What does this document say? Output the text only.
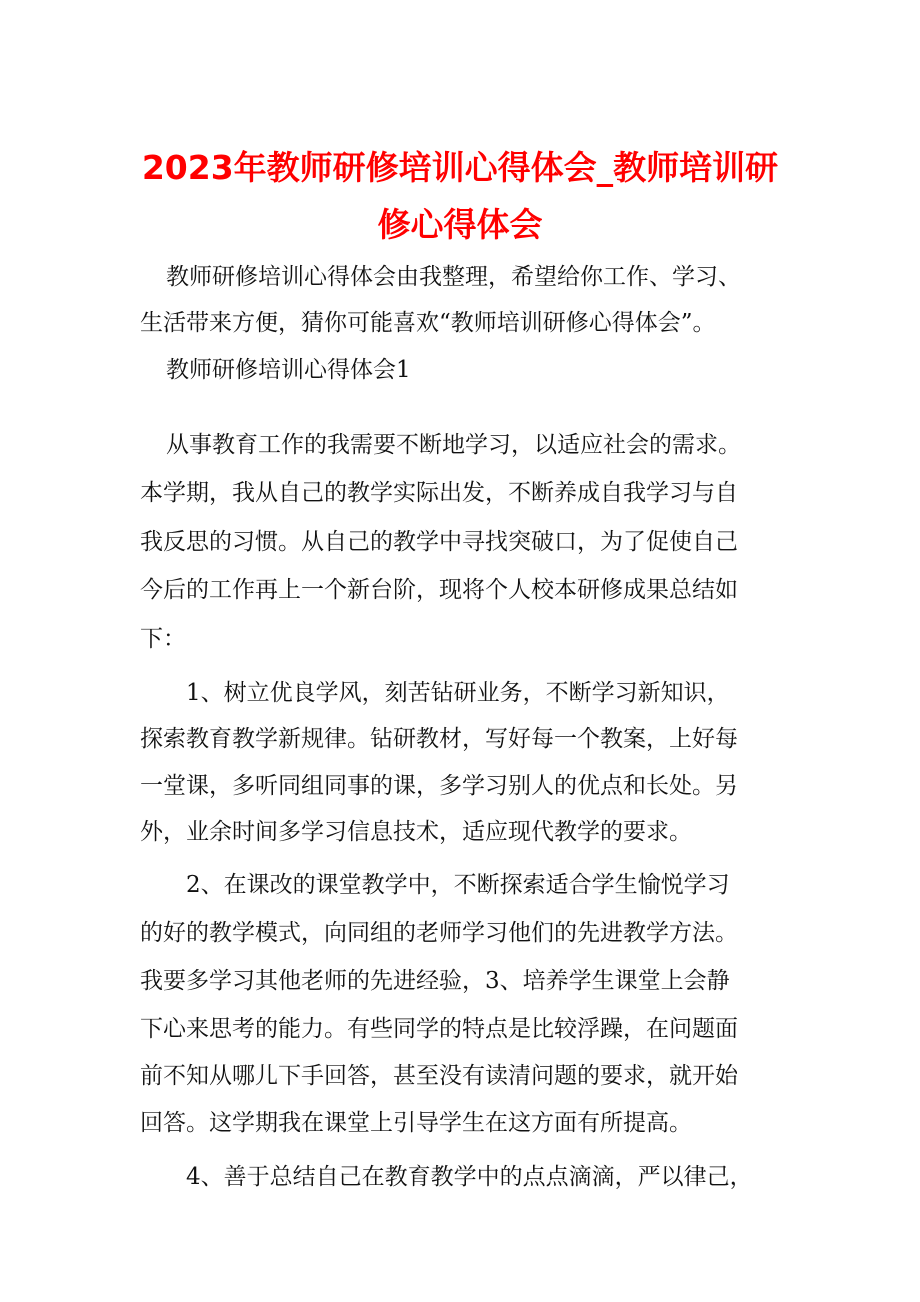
2023年教师研修培训心得体会_教师培训研
修心得体会
教师研修培训心得体会由我整理，希望给你工作、学习、
生活带来方便，猜你可能喜欢“教师培训研修心得体会”。
教师研修培训心得体会1
从事教育工作的我需要不断地学习，以适应社会的需求。
本学期，我从自己的教学实际出发，不断养成自我学习与自
我反思的习惯。从自己的教学中寻找突破口，为了促使自己
今后的工作再上一个新台阶，现将个人校本研修成果总结如
下：
1、树立优良学风，刻苦钻研业务，不断学习新知识，
探索教育教学新规律。钻研教材，写好每一个教案，上好每
一堂课，多听同组同事的课，多学习别人的优点和长处。另
外，业余时间多学习信息技术，适应现代教学的要求。
2、在课改的课堂教学中，不断探索适合学生愉悦学习
的好的教学模式，向同组的老师学习他们的先进教学方法。
我要多学习其他老师的先进经验，3、培养学生课堂上会静
下心来思考的能力。有些同学的特点是比较浮躁，在问题面
前不知从哪儿下手回答，甚至没有读清问题的要求，就开始
回答。这学期我在课堂上引导学生在这方面有所提高。
4、善于总结自己在教育教学中的点点滴滴，严以律己，
